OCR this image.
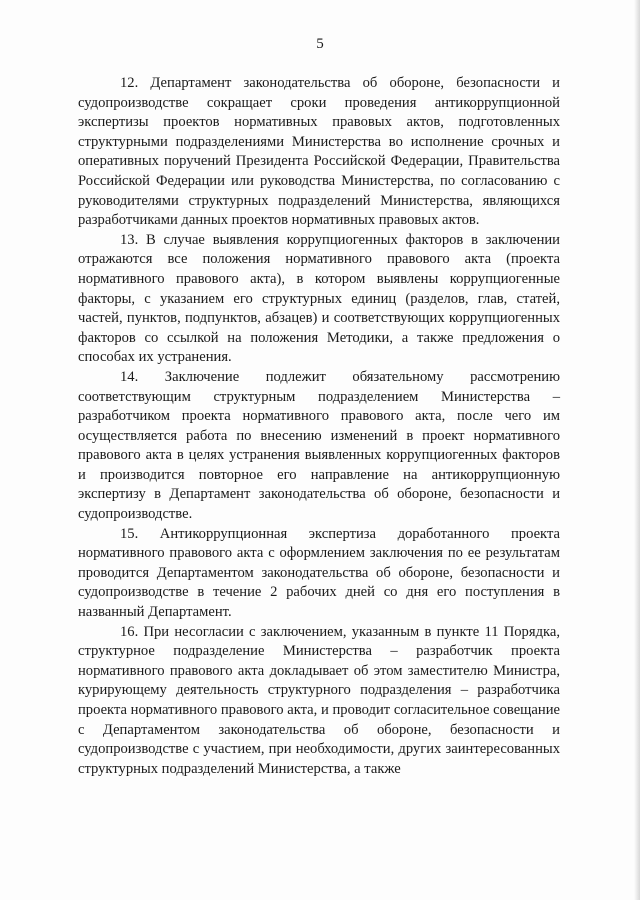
5

12. Департамент законодательства об обороне, безопасности и судопроизводстве сокращает сроки проведения антикоррупционной экспертизы проектов нормативных правовых актов, подготовленных структурными подразделениями Министерства во исполнение срочных и оперативных поручений Президента Российской Федерации, Правительства Российской Федерации или руководства Министерства, по согласованию с руководителями структурных подразделений Министерства, являющихся разработчиками данных проектов нормативных правовых актов.

13. В случае выявления коррупциогенных факторов в заключении отражаются все положения нормативного правового акта (проекта нормативного правового акта), в котором выявлены коррупциогенные факторы, с указанием его структурных единиц (разделов, глав, статей, частей, пунктов, подпунктов, абзацев) и соответствующих коррупциогенных факторов со ссылкой на положения Методики, а также предложения о способах их устранения.

14. Заключение подлежит обязательному рассмотрению соответствующим структурным подразделением Министерства – разработчиком проекта нормативного правового акта, после чего им осуществляется работа по внесению изменений в проект нормативного правового акта в целях устранения выявленных коррупциогенных факторов и производится повторное его направление на антикоррупционную экспертизу в Департамент законодательства об обороне, безопасности и судопроизводстве.

15. Антикоррупционная экспертиза доработанного проекта нормативного правового акта с оформлением заключения по ее результатам проводится Департаментом законодательства об обороне, безопасности и судопроизводстве в течение 2 рабочих дней со дня его поступления в названный Департамент.

16. При несогласии с заключением, указанным в пункте 11 Порядка, структурное подразделение Министерства – разработчик проекта нормативного правового акта докладывает об этом заместителю Министра, курирующему деятельность структурного подразделения – разработчика проекта нормативного правового акта, и проводит согласительное совещание с Департаментом законодательства об обороне, безопасности и судопроизводстве с участием, при необходимости, других заинтересованных структурных подразделений Министерства, а также
